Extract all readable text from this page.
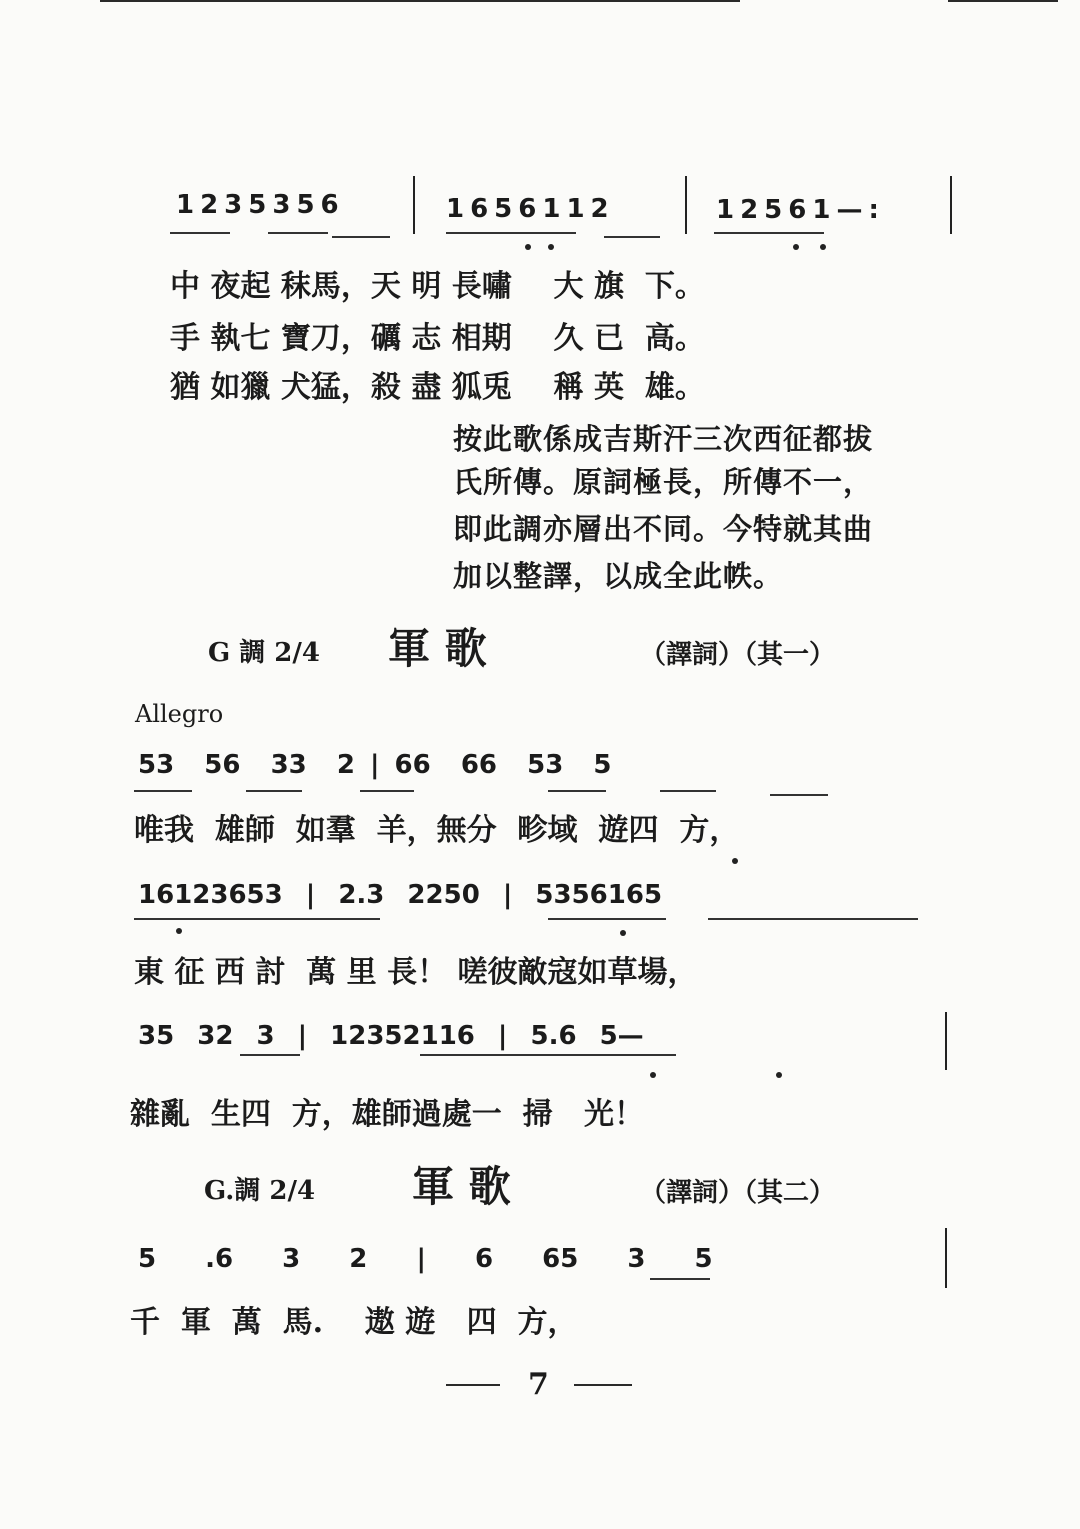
1235356	1656112	12561—:
中 夜起 秣馬，天 明 長嘯    大 旗  下。
手 執七 寶刀，礪 志 相期    久 已  高。
猶 如獵 犬猛，殺 盡 狐兎    稱 英  雄。
按此歌係成吉斯汗三次西征都拔
氏所傳。原詞極長，所傳不一，
即此調亦層出不同。今特就其曲
加以整譯，以成全此帙。
G 調 2/4 軍 歌	（譯詞）（其一）
Allegro
53  56  33  2 | 66  66  53  5
唯我  雄師  如羣  羊，無分  畛域  遊四  方，
16123653 | 2.3 2250 | 5356165
東 征 西 討  萬 里 長！ 嗟彼敵寇如草場，
35 32 3 | 12352116 | 5.6 5—
雜亂  生四  方，雄師過處一  掃   光！
G.調 2/4 軍 歌	（譯詞）（其二）
5 .6 3 2 | 6 65 3 5
千  軍  萬  馬.    遨 遊   四  方，
7
